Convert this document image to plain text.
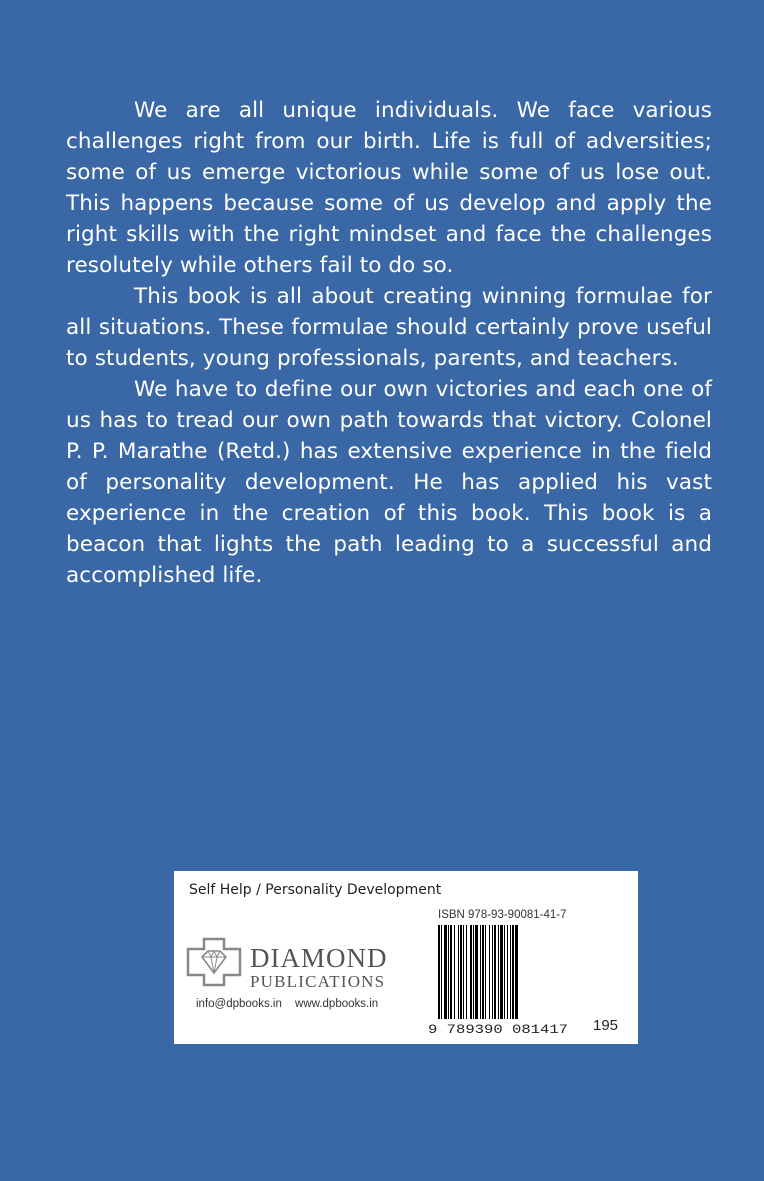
We are all unique individuals. We face various challenges right from our birth. Life is full of adversities; some of us emerge victorious while some of us lose out. This happens because some of us develop and apply the right skills with the right mindset and face the challenges resolutely while others fail to do so.

This book is all about creating winning formulae for all situations. These formulae should certainly prove useful to students, young professionals, parents, and teachers.

We have to define our own victories and each one of us has to tread our own path towards that victory. Colonel P. P. Marathe (Retd.) has extensive experience in the field of personality development. He has applied his vast experience in the creation of this book. This book is a beacon that lights the path leading to a successful and accomplished life.

Self Help / Personality Development
ISBN 978-93-90081-41-7
DIAMOND
PUBLICATIONS
info@dpbooks.in www.dpbooks.in
9 789390 081417 195
